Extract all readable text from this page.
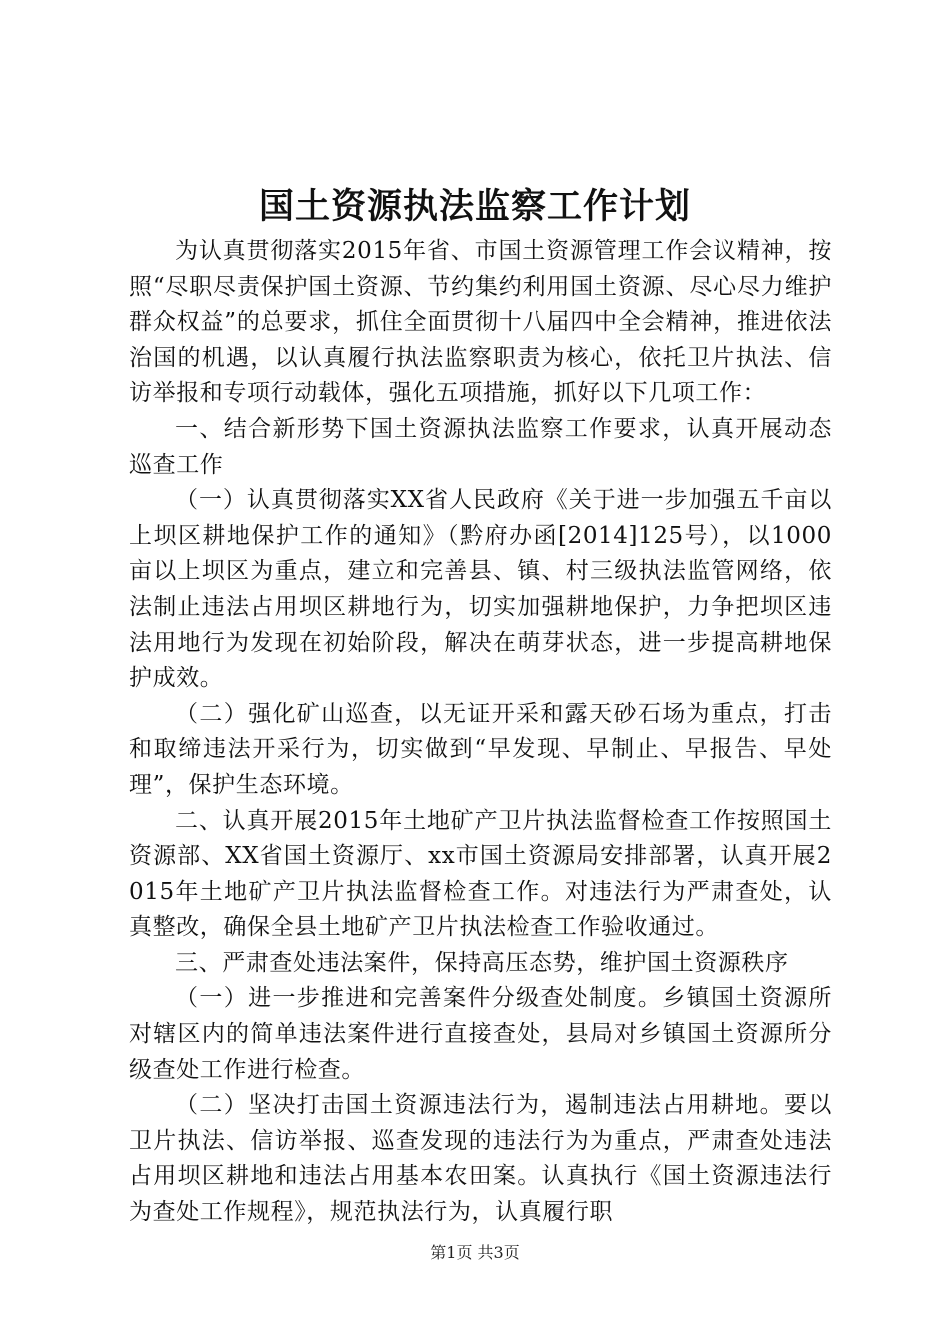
国土资源执法监察工作计划

为认真贯彻落实2015年省、市国土资源管理工作会议精神，按照“尽职尽责保护国土资源、节约集约利用国土资源、尽心尽力维护群众权益”的总要求，抓住全面贯彻十八届四中全会精神，推进依法治国的机遇，以认真履行执法监察职责为核心，依托卫片执法、信访举报和专项行动载体，强化五项措施，抓好以下几项工作：

一、结合新形势下国土资源执法监察工作要求，认真开展动态巡查工作

（一）认真贯彻落实XX省人民政府《关于进一步加强五千亩以上坝区耕地保护工作的通知》（黔府办函[2014]125号），以1000亩以上坝区为重点，建立和完善县、镇、村三级执法监管网络，依法制止违法占用坝区耕地行为，切实加强耕地保护，力争把坝区违法用地行为发现在初始阶段，解决在萌芽状态，进一步提高耕地保护成效。

（二）强化矿山巡查，以无证开采和露天砂石场为重点，打击和取缔违法开采行为，切实做到“早发现、早制止、早报告、早处理”，保护生态环境。

二、认真开展2015年土地矿产卫片执法监督检查工作按照国土资源部、XX省国土资源厅、xx市国土资源局安排部署，认真开展2015年土地矿产卫片执法监督检查工作。对违法行为严肃查处，认真整改，确保全县土地矿产卫片执法检查工作验收通过。

三、严肃查处违法案件，保持高压态势，维护国土资源秩序

（一）进一步推进和完善案件分级查处制度。乡镇国土资源所对辖区内的简单违法案件进行直接查处，县局对乡镇国土资源所分级查处工作进行检查。

（二）坚决打击国土资源违法行为，遏制违法占用耕地。要以卫片执法、信访举报、巡查发现的违法行为为重点，严肃查处违法占用坝区耕地和违法占用基本农田案。认真执行《国土资源违法行为查处工作规程》，规范执法行为，认真履行职

第1页 共3页
